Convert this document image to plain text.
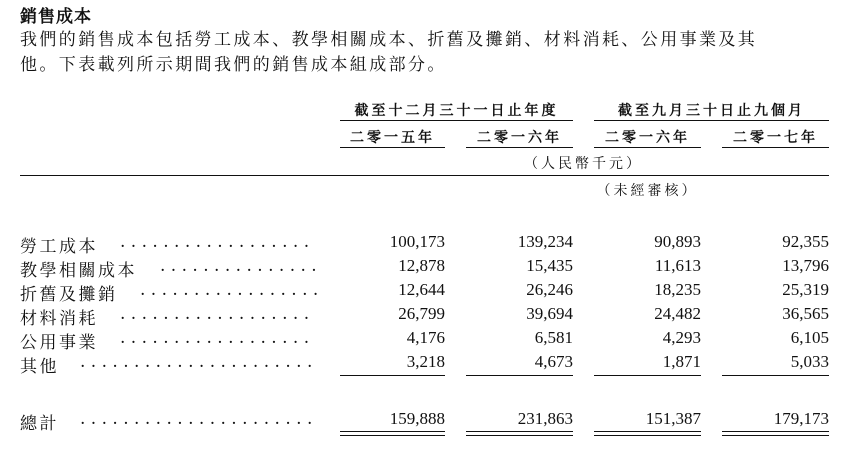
銷售成本
我們的銷售成本包括勞工成本、教學相關成本、折舊及攤銷、材料消耗、公用事業及其
他。下表載列所示期間我們的銷售成本組成部分。
截至十二月三十一日止年度	截至九月三十日止九個月
二零一五年	二零一六年	二零一六年	二零一七年
（人民幣千元）
（未經審核）
勞工成本 . . . . . . . . . . . . . . . . . .	100,173	139,234	90,893	92,355
教學相關成本 . . . . . . . . . . . . . . .	12,878	15,435	11,613	13,796
折舊及攤銷 . . . . . . . . . . . . . . . . .	12,644	26,246	18,235	25,319
材料消耗 . . . . . . . . . . . . . . . . . .	26,799	39,694	24,482	36,565
公用事業 . . . . . . . . . . . . . . . . . .	4,176	6,581	4,293	6,105
其他 . . . . . . . . . . . . . . . . . . . . . .	3,218	4,673	1,871	5,033
總計 . . . . . . . . . . . . . . . . . . . . . .	159,888	231,863	151,387	179,173
